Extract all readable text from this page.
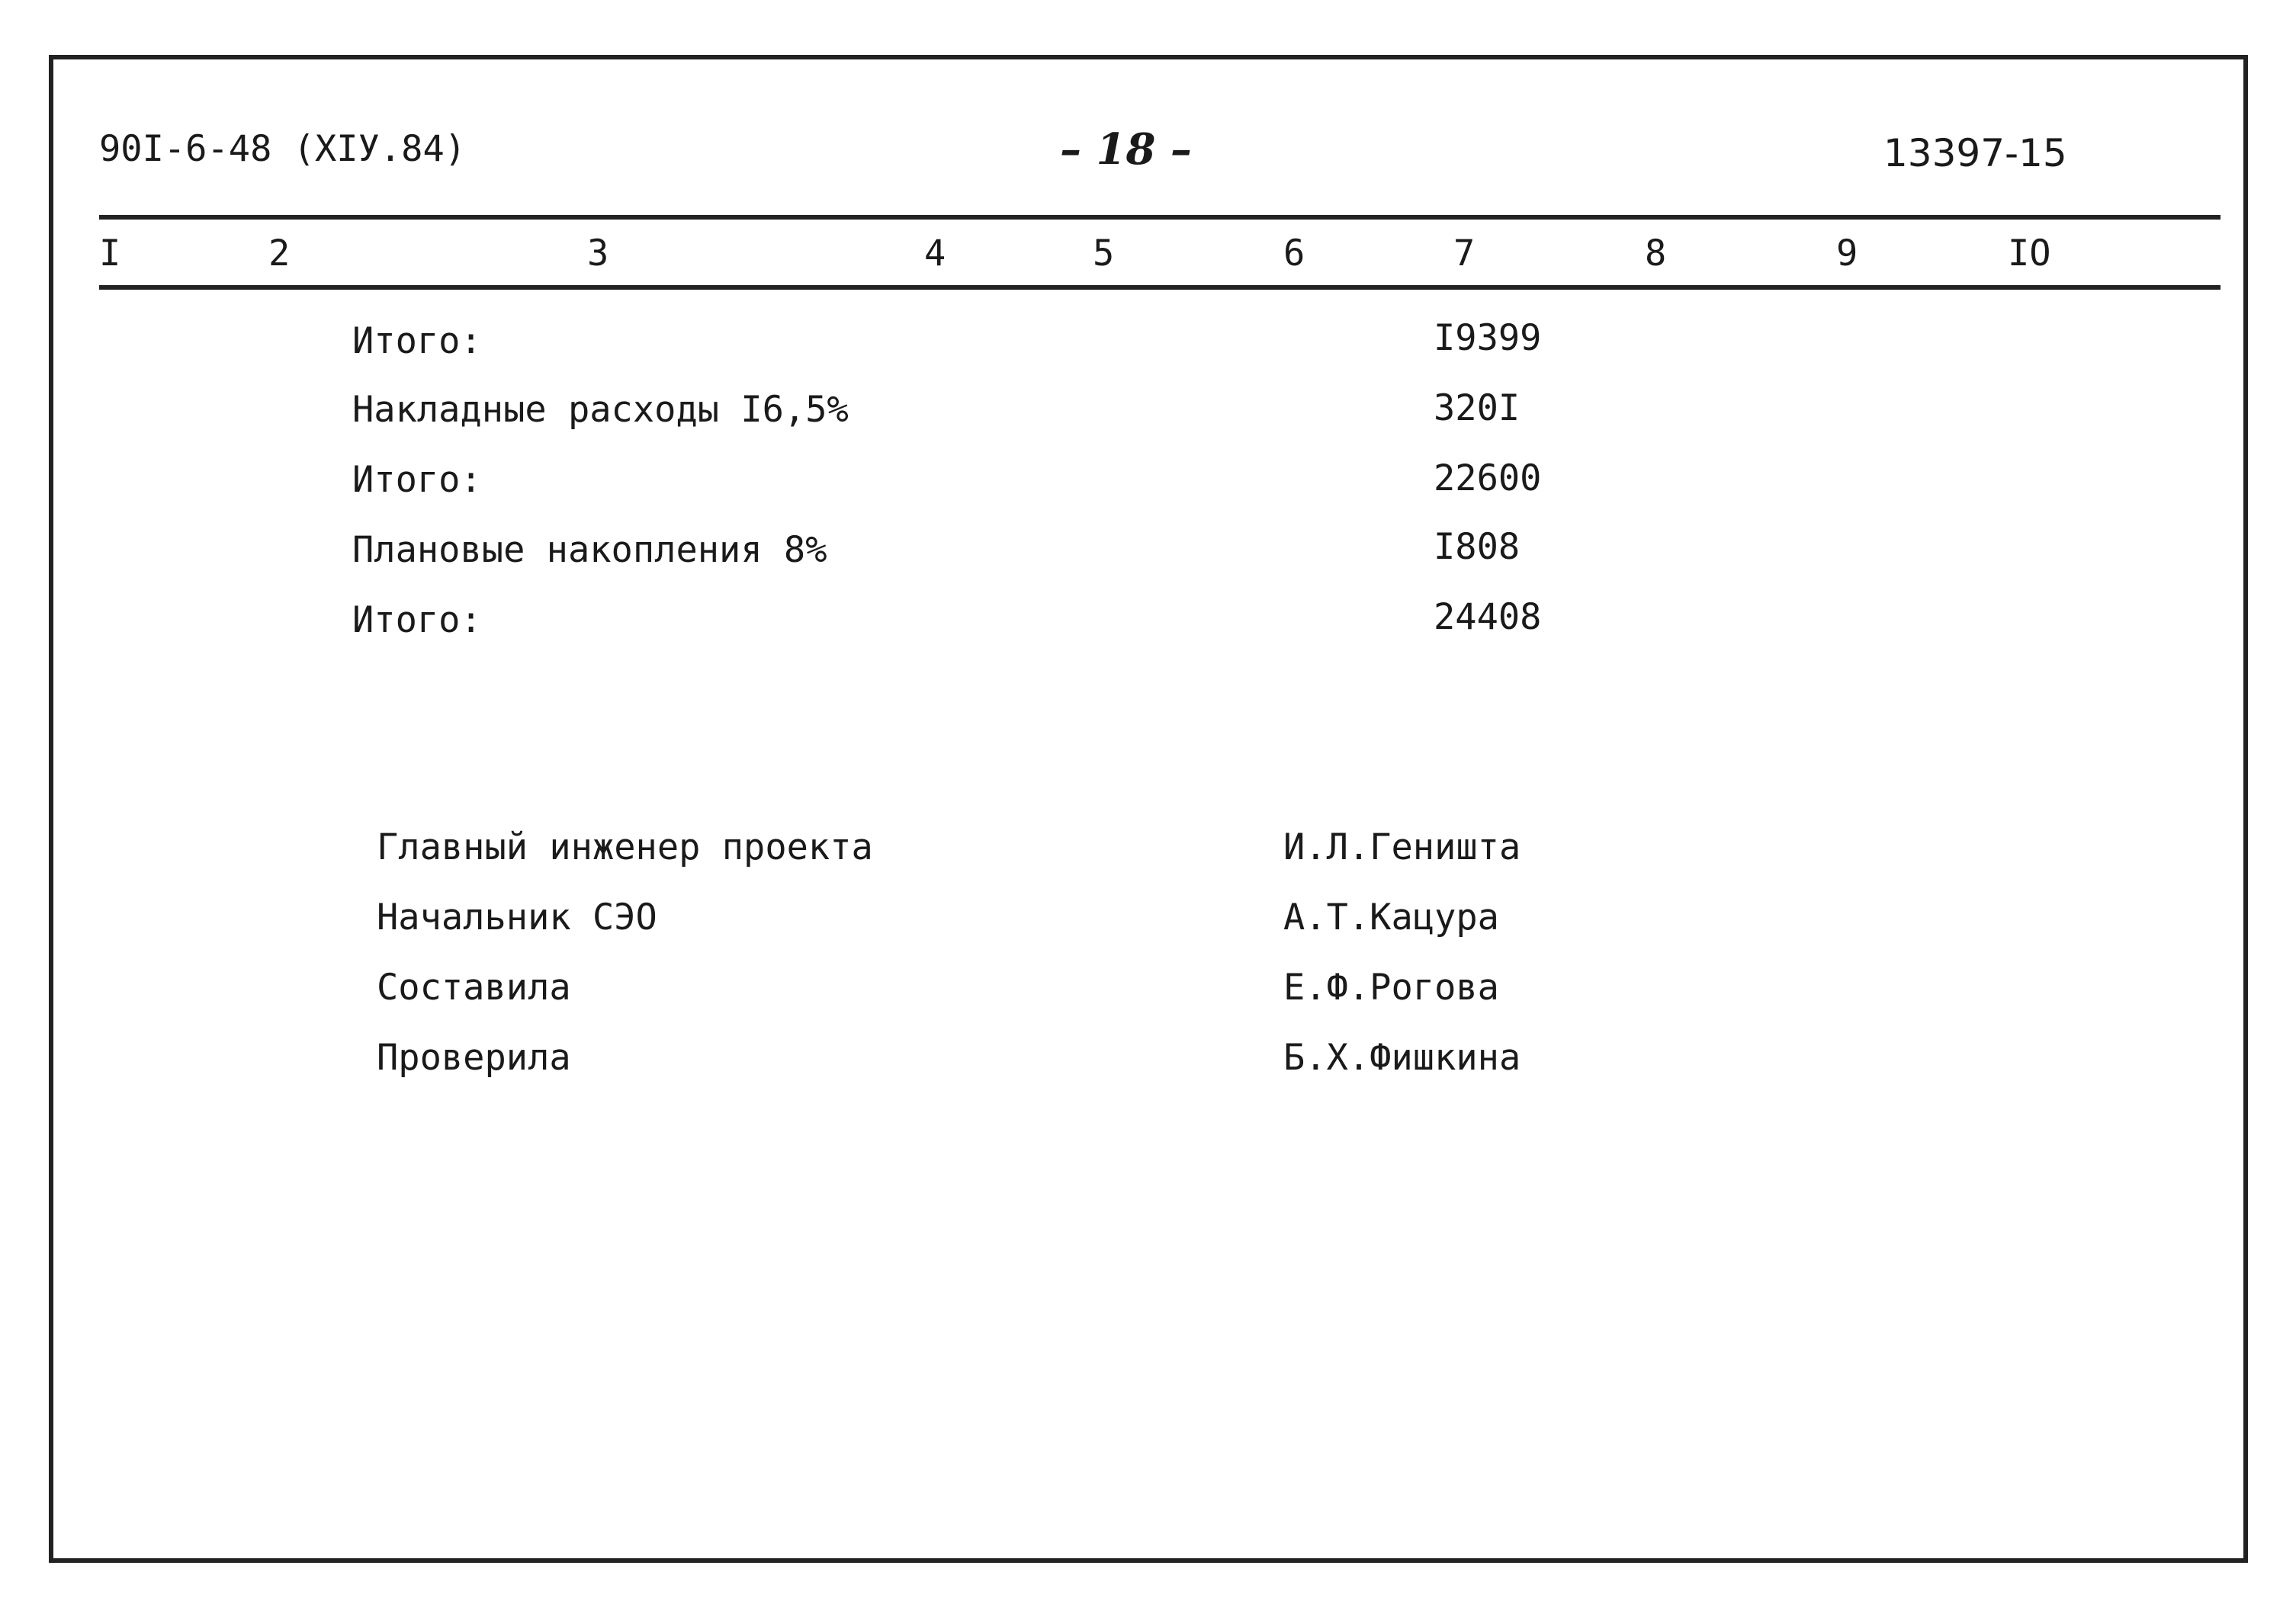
90I-6-48 (XIУ.84)	– 18 –	13397-15
I	2	3	4	5	6	7	8	9	IO
Итого:	I9399
Накладные расходы I6,5%	320I
Итого:	22600
Плановые накопления 8%	I808
Итого:	24408
Главный инженер проекта	И.Л.Геништа
Начальник СЭО	А.Т.Кацура
Составила	Е.Ф.Рогова
Проверила	Б.Х.Фишкина
